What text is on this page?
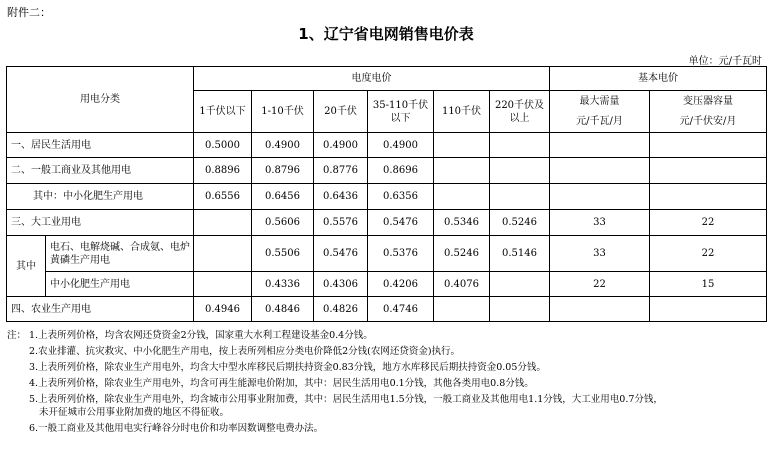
附件二：
1、辽宁省电网销售电价表
单位：元/千瓦时
用电分类		电度电价						基本电价	
		1千伏以下	1-10千伏	20千伏	35-110千伏以下	110千伏	220千伏及以上	最大需量	变压器容量
								元/千瓦/月	元/千伏安/月
一、居民生活用电		0.5000	0.4900	0.4900	0.4900				
二、一般工商业及其他用电		0.8896	0.8796	0.8776	0.8696				
其中：中小化肥生产用电		0.6556	0.6456	0.6436	0.6356				
三、大工业用电			0.5606	0.5576	0.5476	0.5346	0.5246	33	22
其中	电石、电解烧碱、合成氨、电炉黄磷生产用电		0.5506	0.5476	0.5376	0.5246	0.5146	33	22
	中小化肥生产用电		0.4336	0.4306	0.4206	0.4076		22	15
四、农业生产用电		0.4946	0.4846	0.4826	0.4746				
注： 1.上表所列价格，均含农网还贷资金2分钱，国家重大水利工程建设基金0.4分钱。
2.农业排灌、抗灾救灾、中小化肥生产用电，按上表所列相应分类电价降低2分钱(农网还贷资金)执行。
3.上表所列价格，除农业生产用电外，均含大中型水库移民后期扶持资金0.83分钱，地方水库移民后期扶持资金0.05分钱。
4.上表所列价格，除农业生产用电外，均含可再生能源电价附加，其中：居民生活用电0.1分钱，其他各类用电0.8分钱。
5.上表所列价格，除农业生产用电外，均含城市公用事业附加费，其中：居民生活用电1.5分钱，一般工商业及其他用电1.1分钱，大工业用电0.7分钱，
未开征城市公用事业附加费的地区不得征收。
6.一般工商业及其他用电实行峰谷分时电价和功率因数调整电费办法。
